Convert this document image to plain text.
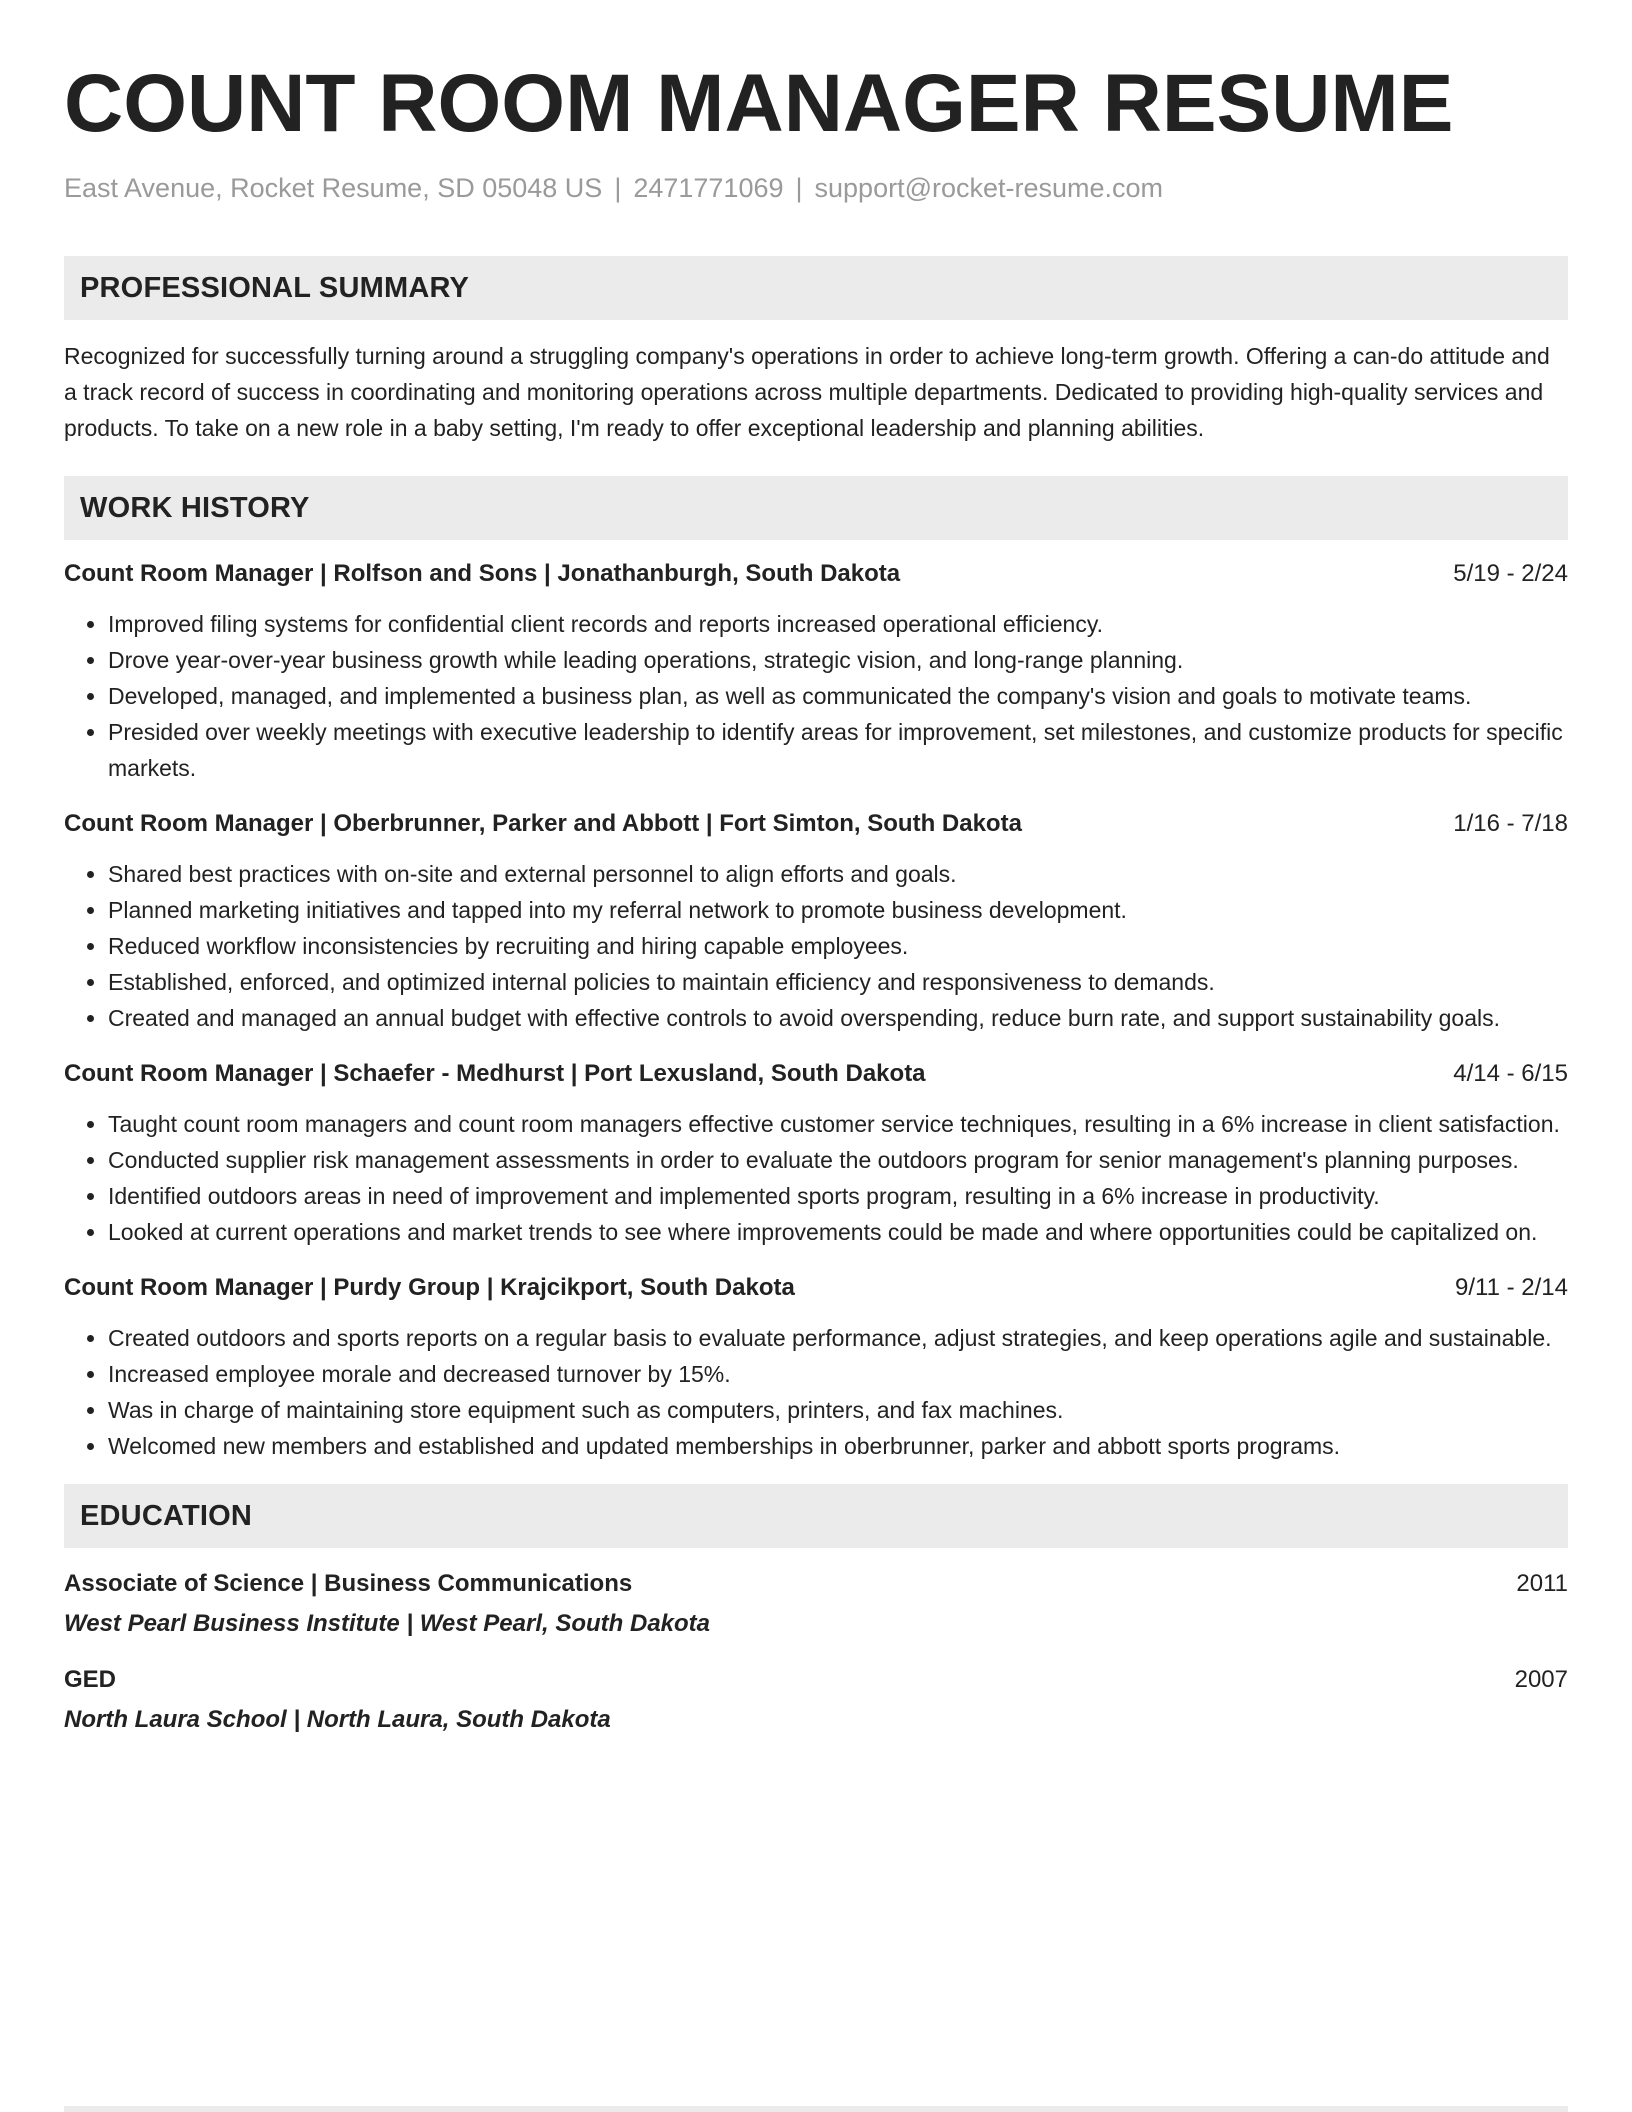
COUNT ROOM MANAGER RESUME
East Avenue, Rocket Resume, SD 05048 US | 2471771069 | support@rocket-resume.com
PROFESSIONAL SUMMARY
Recognized for successfully turning around a struggling company's operations in order to achieve long-term growth. Offering a can-do attitude and a track record of success in coordinating and monitoring operations across multiple departments. Dedicated to providing high-quality services and products. To take on a new role in a baby setting, I'm ready to offer exceptional leadership and planning abilities.
WORK HISTORY
Count Room Manager | Rolfson and Sons | Jonathanburgh, South Dakota	5/19 - 2/24
• Improved filing systems for confidential client records and reports increased operational efficiency.
• Drove year-over-year business growth while leading operations, strategic vision, and long-range planning.
• Developed, managed, and implemented a business plan, as well as communicated the company's vision and goals to motivate teams.
• Presided over weekly meetings with executive leadership to identify areas for improvement, set milestones, and customize products for specific markets.
Count Room Manager | Oberbrunner, Parker and Abbott | Fort Simton, South Dakota	1/16 - 7/18
• Shared best practices with on-site and external personnel to align efforts and goals.
• Planned marketing initiatives and tapped into my referral network to promote business development.
• Reduced workflow inconsistencies by recruiting and hiring capable employees.
• Established, enforced, and optimized internal policies to maintain efficiency and responsiveness to demands.
• Created and managed an annual budget with effective controls to avoid overspending, reduce burn rate, and support sustainability goals.
Count Room Manager | Schaefer - Medhurst | Port Lexusland, South Dakota	4/14 - 6/15
• Taught count room managers and count room managers effective customer service techniques, resulting in a 6% increase in client satisfaction.
• Conducted supplier risk management assessments in order to evaluate the outdoors program for senior management's planning purposes.
• Identified outdoors areas in need of improvement and implemented sports program, resulting in a 6% increase in productivity.
• Looked at current operations and market trends to see where improvements could be made and where opportunities could be capitalized on.
Count Room Manager | Purdy Group | Krajcikport, South Dakota	9/11 - 2/14
• Created outdoors and sports reports on a regular basis to evaluate performance, adjust strategies, and keep operations agile and sustainable.
• Increased employee morale and decreased turnover by 15%.
• Was in charge of maintaining store equipment such as computers, printers, and fax machines.
• Welcomed new members and established and updated memberships in oberbrunner, parker and abbott sports programs.
EDUCATION
Associate of Science | Business Communications	2011
West Pearl Business Institute | West Pearl, South Dakota
GED	2007
North Laura School | North Laura, South Dakota
